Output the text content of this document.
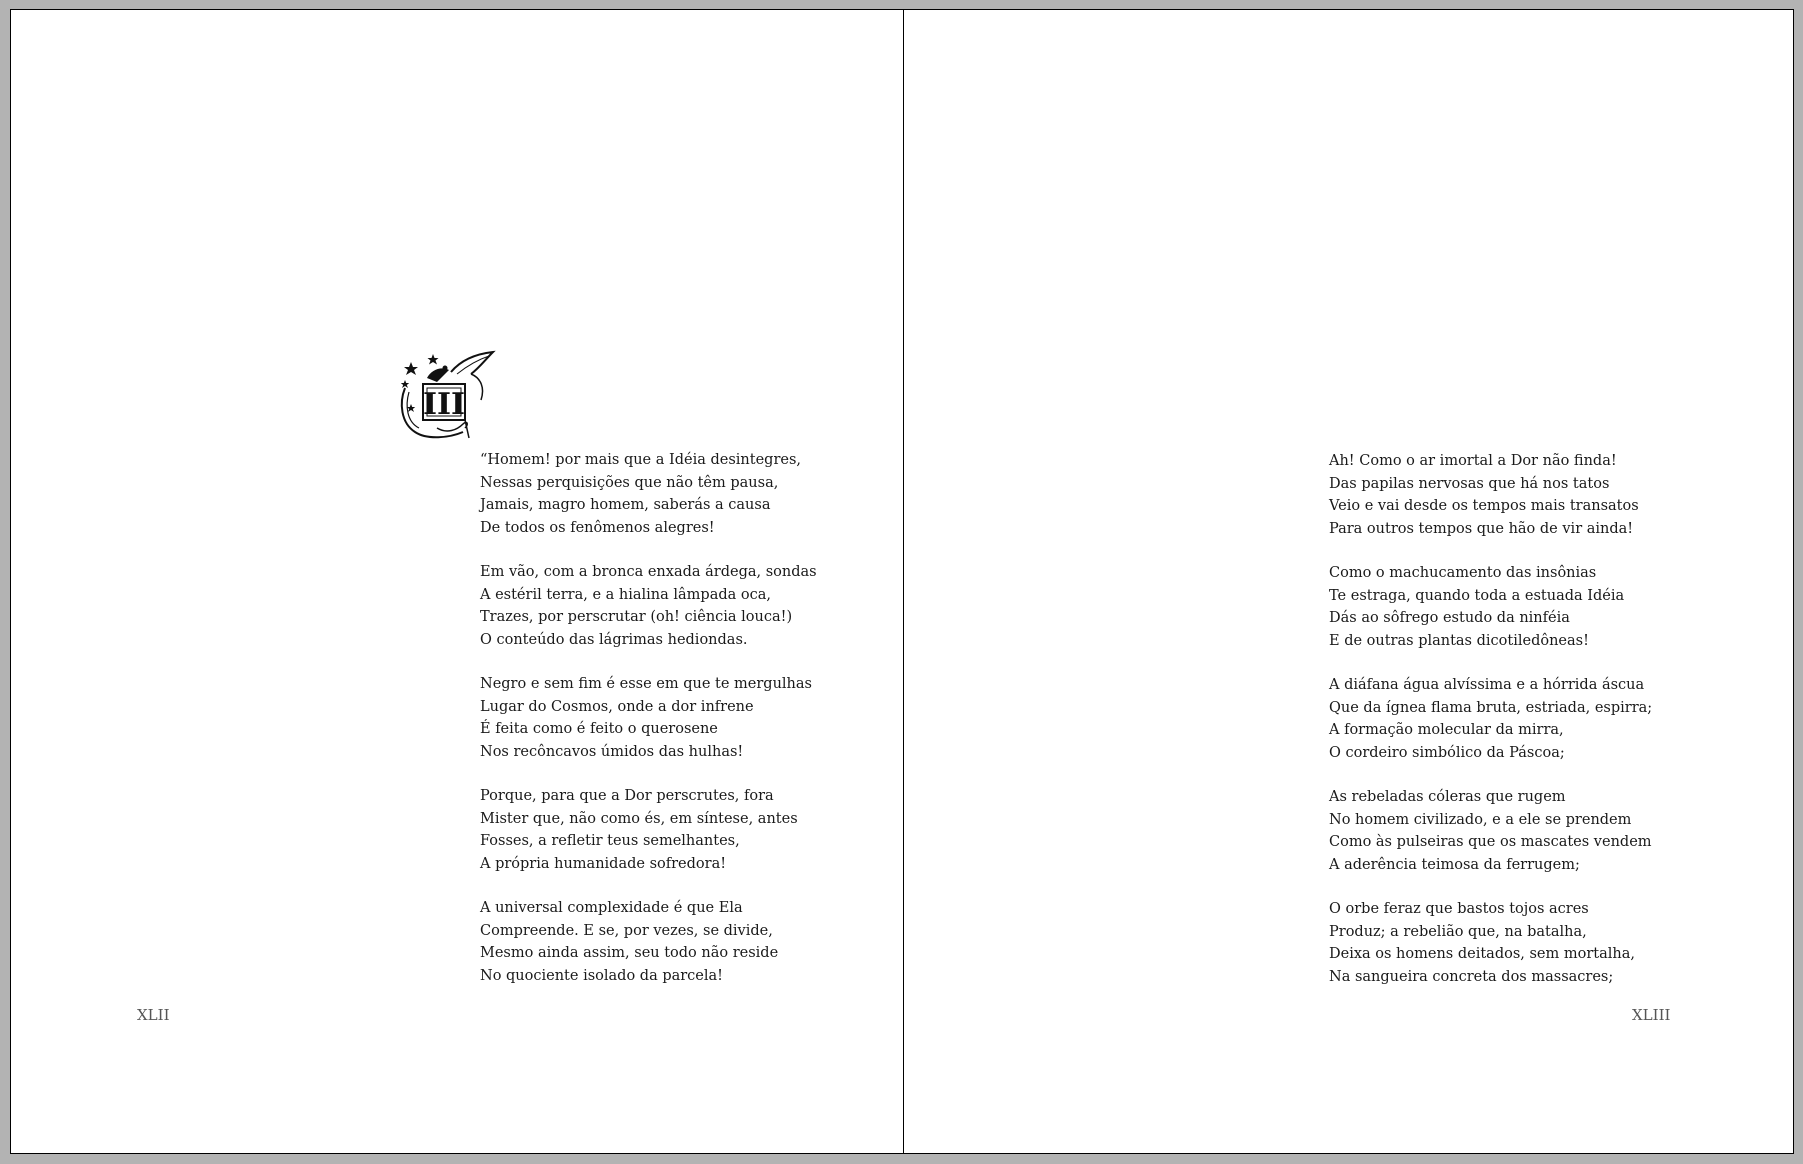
III
“Homem! por mais que a Idéia desintegres,
Nessas perquisições que não têm pausa,
Jamais, magro homem, saberás a causa
De todos os fenômenos alegres!
Em vão, com a bronca enxada árdega, sondas
A estéril terra, e a hialina lâmpada oca,
Trazes, por perscrutar (oh! ciência louca!)
O conteúdo das lágrimas hediondas.
Negro e sem fim é esse em que te mergulhas
Lugar do Cosmos, onde a dor infrene
É feita como é feito o querosene
Nos recôncavos úmidos das hulhas!
Porque, para que a Dor perscrutes, fora
Mister que, não como és, em síntese, antes
Fosses, a refletir teus semelhantes,
A própria humanidade sofredora!
A universal complexidade é que Ela
Compreende. E se, por vezes, se divide,
Mesmo ainda assim, seu todo não reside
No quociente isolado da parcela!
XLII
Ah! Como o ar imortal a Dor não finda!
Das papilas nervosas que há nos tatos
Veio e vai desde os tempos mais transatos
Para outros tempos que hão de vir ainda!
Como o machucamento das insônias
Te estraga, quando toda a estuada Idéia
Dás ao sôfrego estudo da ninféia
E de outras plantas dicotiledôneas!
A diáfana água alvíssima e a hórrida áscua
Que da ígnea flama bruta, estriada, espirra;
A formação molecular da mirra,
O cordeiro simbólico da Páscoa;
As rebeladas cóleras que rugem
No homem civilizado, e a ele se prendem
Como às pulseiras que os mascates vendem
A aderência teimosa da ferrugem;
O orbe feraz que bastos tojos acres
Produz; a rebelião que, na batalha,
Deixa os homens deitados, sem mortalha,
Na sangueira concreta dos massacres;
XLIII
